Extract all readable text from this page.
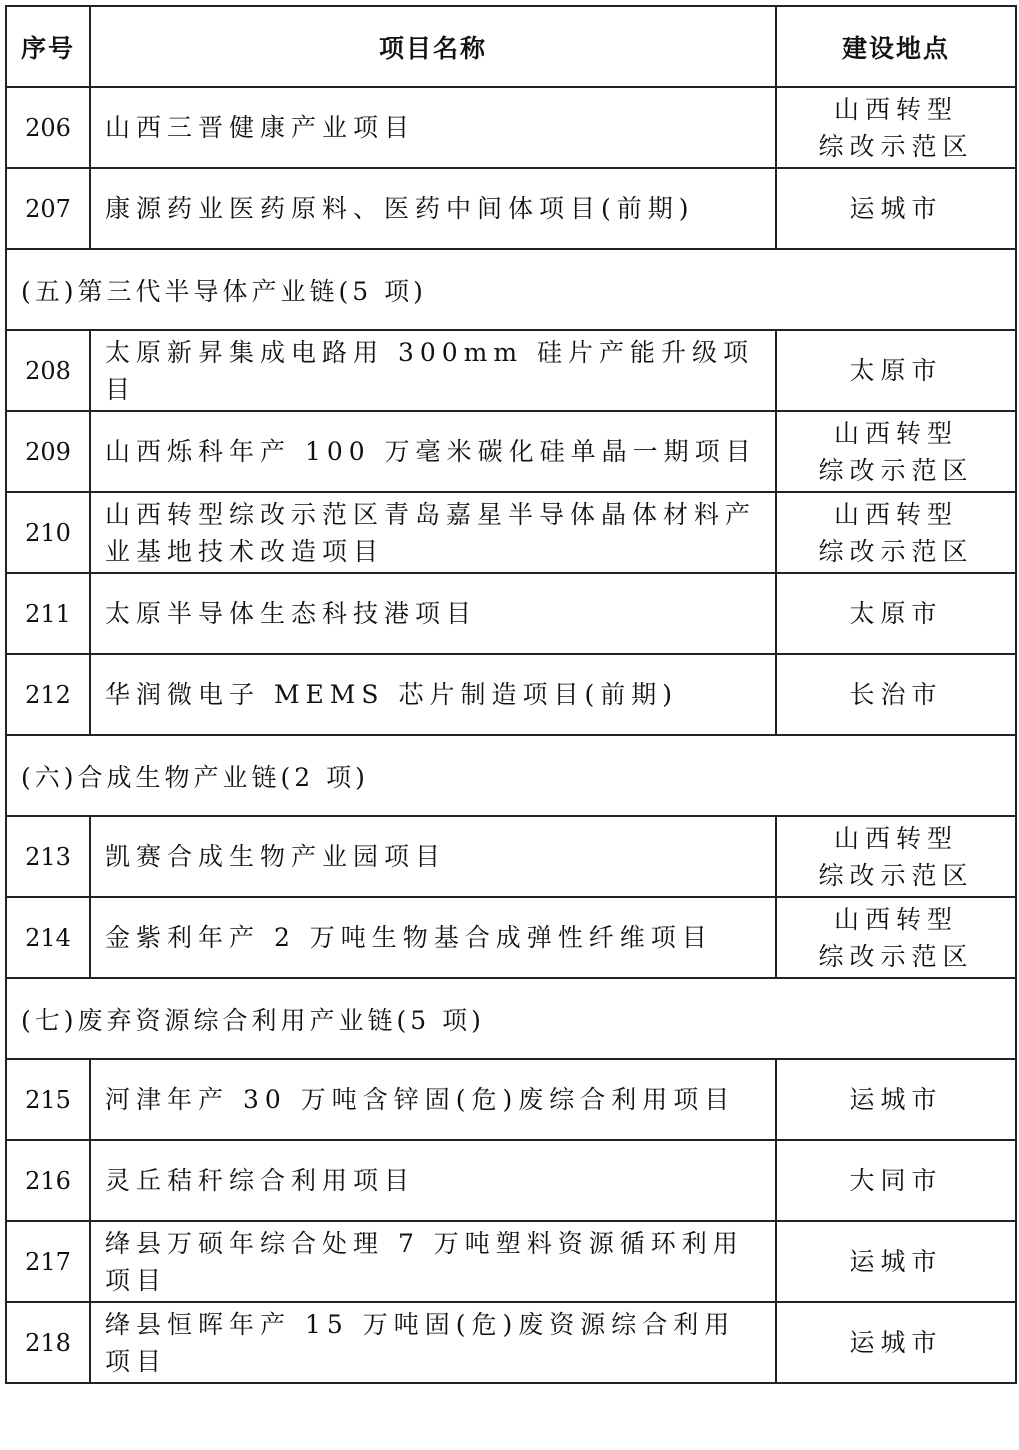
序号	项目名称	建设地点
206	山西三晋健康产业项目	山西转型
综改示范区
207	康源药业医药原料、医药中间体项目(前期)	运城市
(五)第三代半导体产业链(5 项)		
208	太原新昇集成电路用 300mm 硅片产能升级项目	太原市
209	山西烁科年产 100 万毫米碳化硅单晶一期项目	山西转型
综改示范区
210	山西转型综改示范区青岛嘉星半导体晶体材料产业基地技术改造项目	山西转型
综改示范区
211	太原半导体生态科技港项目	太原市
212	华润微电子 MEMS 芯片制造项目(前期)	长治市
(六)合成生物产业链(2 项)		
213	凯赛合成生物产业园项目	山西转型
综改示范区
214	金紫利年产 2 万吨生物基合成弹性纤维项目	山西转型
综改示范区
(七)废弃资源综合利用产业链(5 项)		
215	河津年产 30 万吨含锌固(危)废综合利用项目	运城市
216	灵丘秸秆综合利用项目	大同市
217	绛县万硕年综合处理 7 万吨塑料资源循环利用项目	运城市
218	绛县恒晖年产 15 万吨固(危)废资源综合利用项目	运城市
